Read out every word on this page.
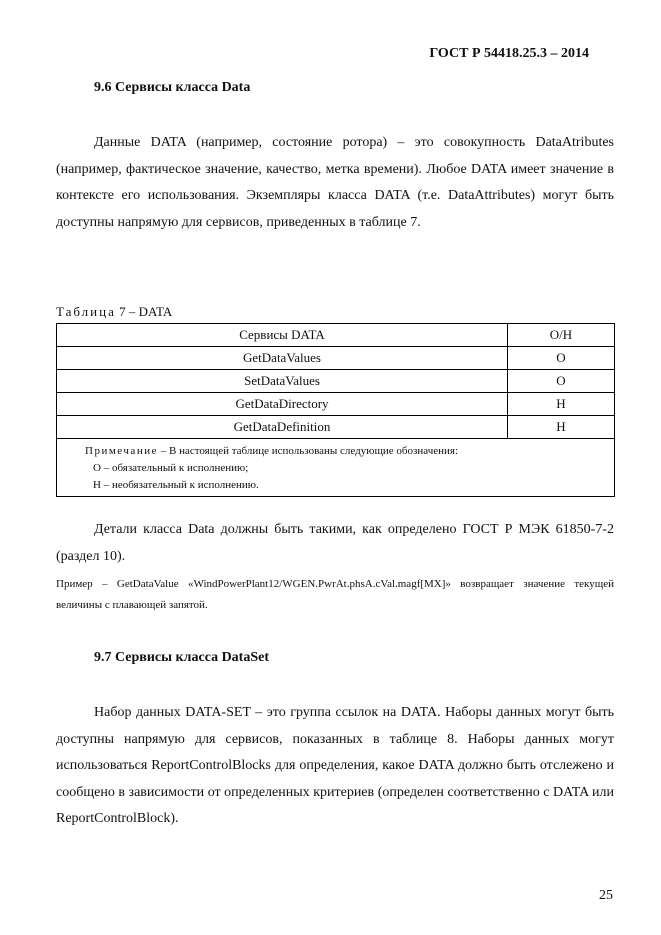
ГОСТ Р 54418.25.3 – 2014
9.6 Сервисы класса Data

Данные DATA (например, состояние ротора) – это совокупность DataAtributes (например, фактическое значение, качество, метка времени). Любое DATA имеет значение в контексте его использования. Экземпляры класса DATA (т.е. DataAttributes) могут быть доступны напрямую для сервисов, приведенных в таблице 7.

Таблица 7 – DATA
Сервисы DATA	О/Н
GetDataValues	О
SetDataValues	О
GetDataDirectory	Н
GetDataDefinition	Н

Примечание – В настоящей таблице использованы следующие обозначения:
О – обязательный к исполнению;
Н – необязательный к исполнению.	

Детали класса Data должны быть такими, как определено ГОСТ Р МЭК 61850-7-2 (раздел 10).

Пример – GetDataValue «WindPowerPlant12/WGEN.PwrAt.phsA.cVal.magf[MX]» возвращает значение текущей величины с плавающей запятой.

9.7 Сервисы класса DataSet

Набор данных DATA-SET – это группа ссылок на DATA. Наборы данных могут быть доступны напрямую для сервисов, показанных в таблице 8. Наборы данных могут использоваться ReportControlBlocks для определения, какое DATA должно быть отслежено и сообщено в зависимости от определенных критериев (определен соответственно с DATA или ReportControlBlock).

25
